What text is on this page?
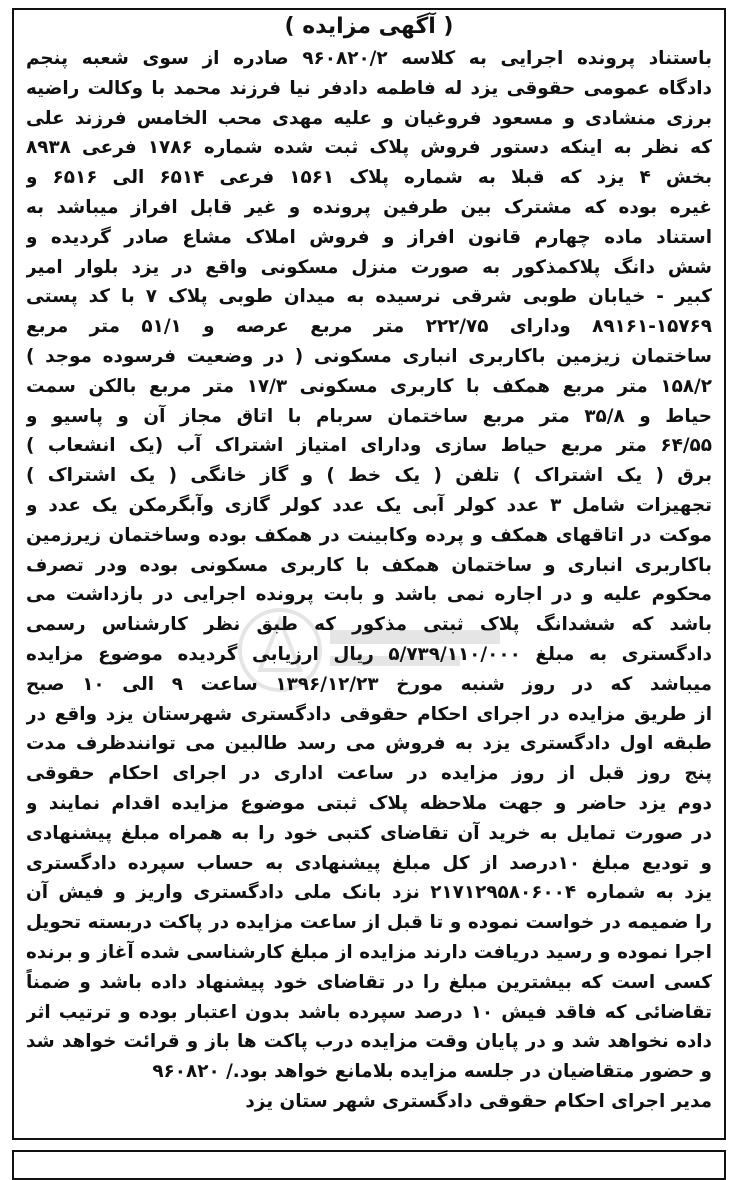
( آگهی مزایده )
باستناد پرونده اجرایی به کلاسه ۹۶۰۸۲۰/۲ صادره از سوی شعبه پنجم
دادگاه عمومی حقوقی یزد له فاطمه دادفر نیا فرزند محمد با وکالت راضیه
برزی منشادی و مسعود فروغیان و علیه مهدی محب الخامس فرزند علی
که نظر به اینکه دستور فروش پلاک ثبت شده شماره ۱۷۸۶ فرعی ۸۹۳۸
بخش ۴ یزد که قبلا به شماره پلاک ۱۵۶۱ فرعی ۶۵۱۴ الی ۶۵۱۶ و
غیره بوده که مشترک بین طرفین پرونده و غیر قابل افراز میباشد به
استناد ماده چهارم قانون افراز و فروش املاک مشاع صادر گردیده و
شش دانگ پلاکمذکور به صورت منزل مسکونی واقع در یزد بلوار امیر
کبیر - خیابان طوبی شرقی نرسیده به میدان طوبی پلاک ۷ با کد پستی
۸۹۱۶۱-۱۵۷۶۹ ودارای ۲۲۲/۷۵ متر مربع عرصه و ۵۱/۱ متر مربع
ساختمان زیزمین باکاربری انباری مسکونی ( در وضعیت فرسوده موجد )
۱۵۸/۲ متر مربع همکف با کاربری مسکونی ۱۷/۳ متر مربع بالکن سمت
حیاط و ۳۵/۸ متر مربع ساختمان سربام با اتاق مجاز آن و پاسیو و
۶۴/۵۵ متر مربع حیاط سازی ودارای امتیاز اشتراک آب (یک انشعاب )
برق ( یک اشتراک ) تلفن ( یک خط ) و گاز خانگی ( یک اشتراک )
تجهیزات شامل ۳ عدد کولر آبی یک عدد کولر گازی وآبگرمکن یک عدد و
موکت در اتاقهای همکف و پرده وکابینت در همکف بوده وساختمان زیرزمین
باکاربری انباری و ساختمان همکف با کاربری مسکونی بوده ودر تصرف
محکوم علیه و در اجاره نمی باشد و بابت پرونده اجرایی در بازداشت می
باشد که ششدانگ پلاک ثبتی مذکور که طبق نظر کارشناس رسمی
دادگستری به مبلغ ۵/۷۳۹/۱۱۰/۰۰۰ ریال ارزیابی گردیده موضوع مزایده
میباشد که در روز شنبه مورخ ۱۳۹۶/۱۲/۲۳ ساعت ۹ الی ۱۰ صبح
از طریق مزایده در اجرای احکام حقوقی دادگستری شهرستان یزد واقع در
طبقه اول دادگستری یزد به فروش می رسد طالبین می توانندظرف مدت
پنج روز قبل از روز مزایده در ساعت اداری در اجرای احکام حقوقی
دوم یزد حاضر و جهت ملاحظه پلاک ثبتی موضوع مزایده اقدام نمایند و
در صورت تمایل به خرید آن تقاضای کتبی خود را به همراه مبلغ پیشنهادی
و تودیع مبلغ ۱۰درصد از کل مبلغ پیشنهادی به حساب سپرده دادگستری
یزد به شماره ۲۱۷۱۲۹۵۸۰۶۰۰۴ نزد بانک ملی دادگستری واریز و فیش آن
را ضمیمه در خواست نموده و تا قبل از ساعت مزایده در پاکت دربسته تحویل
اجرا نموده و رسید دریافت دارند مزایده از مبلغ کارشناسی شده آغاز و برنده
کسی است که بیشترین مبلغ را در تقاضای خود پیشنهاد داده باشد و ضمناً
تقاضائی که فاقد فیش ۱۰ درصد سپرده باشد بدون اعتبار بوده و ترتیب اثر
داده نخواهد شد و در پایان وقت مزایده درب پاکت ها باز و قرائت خواهد شد
و حضور متقاضیان در جلسه مزایده بلامانع خواهد بود./ ۹۶۰۸۲۰
مدیر اجرای احکام حقوقی دادگستری شهر ستان یزد
